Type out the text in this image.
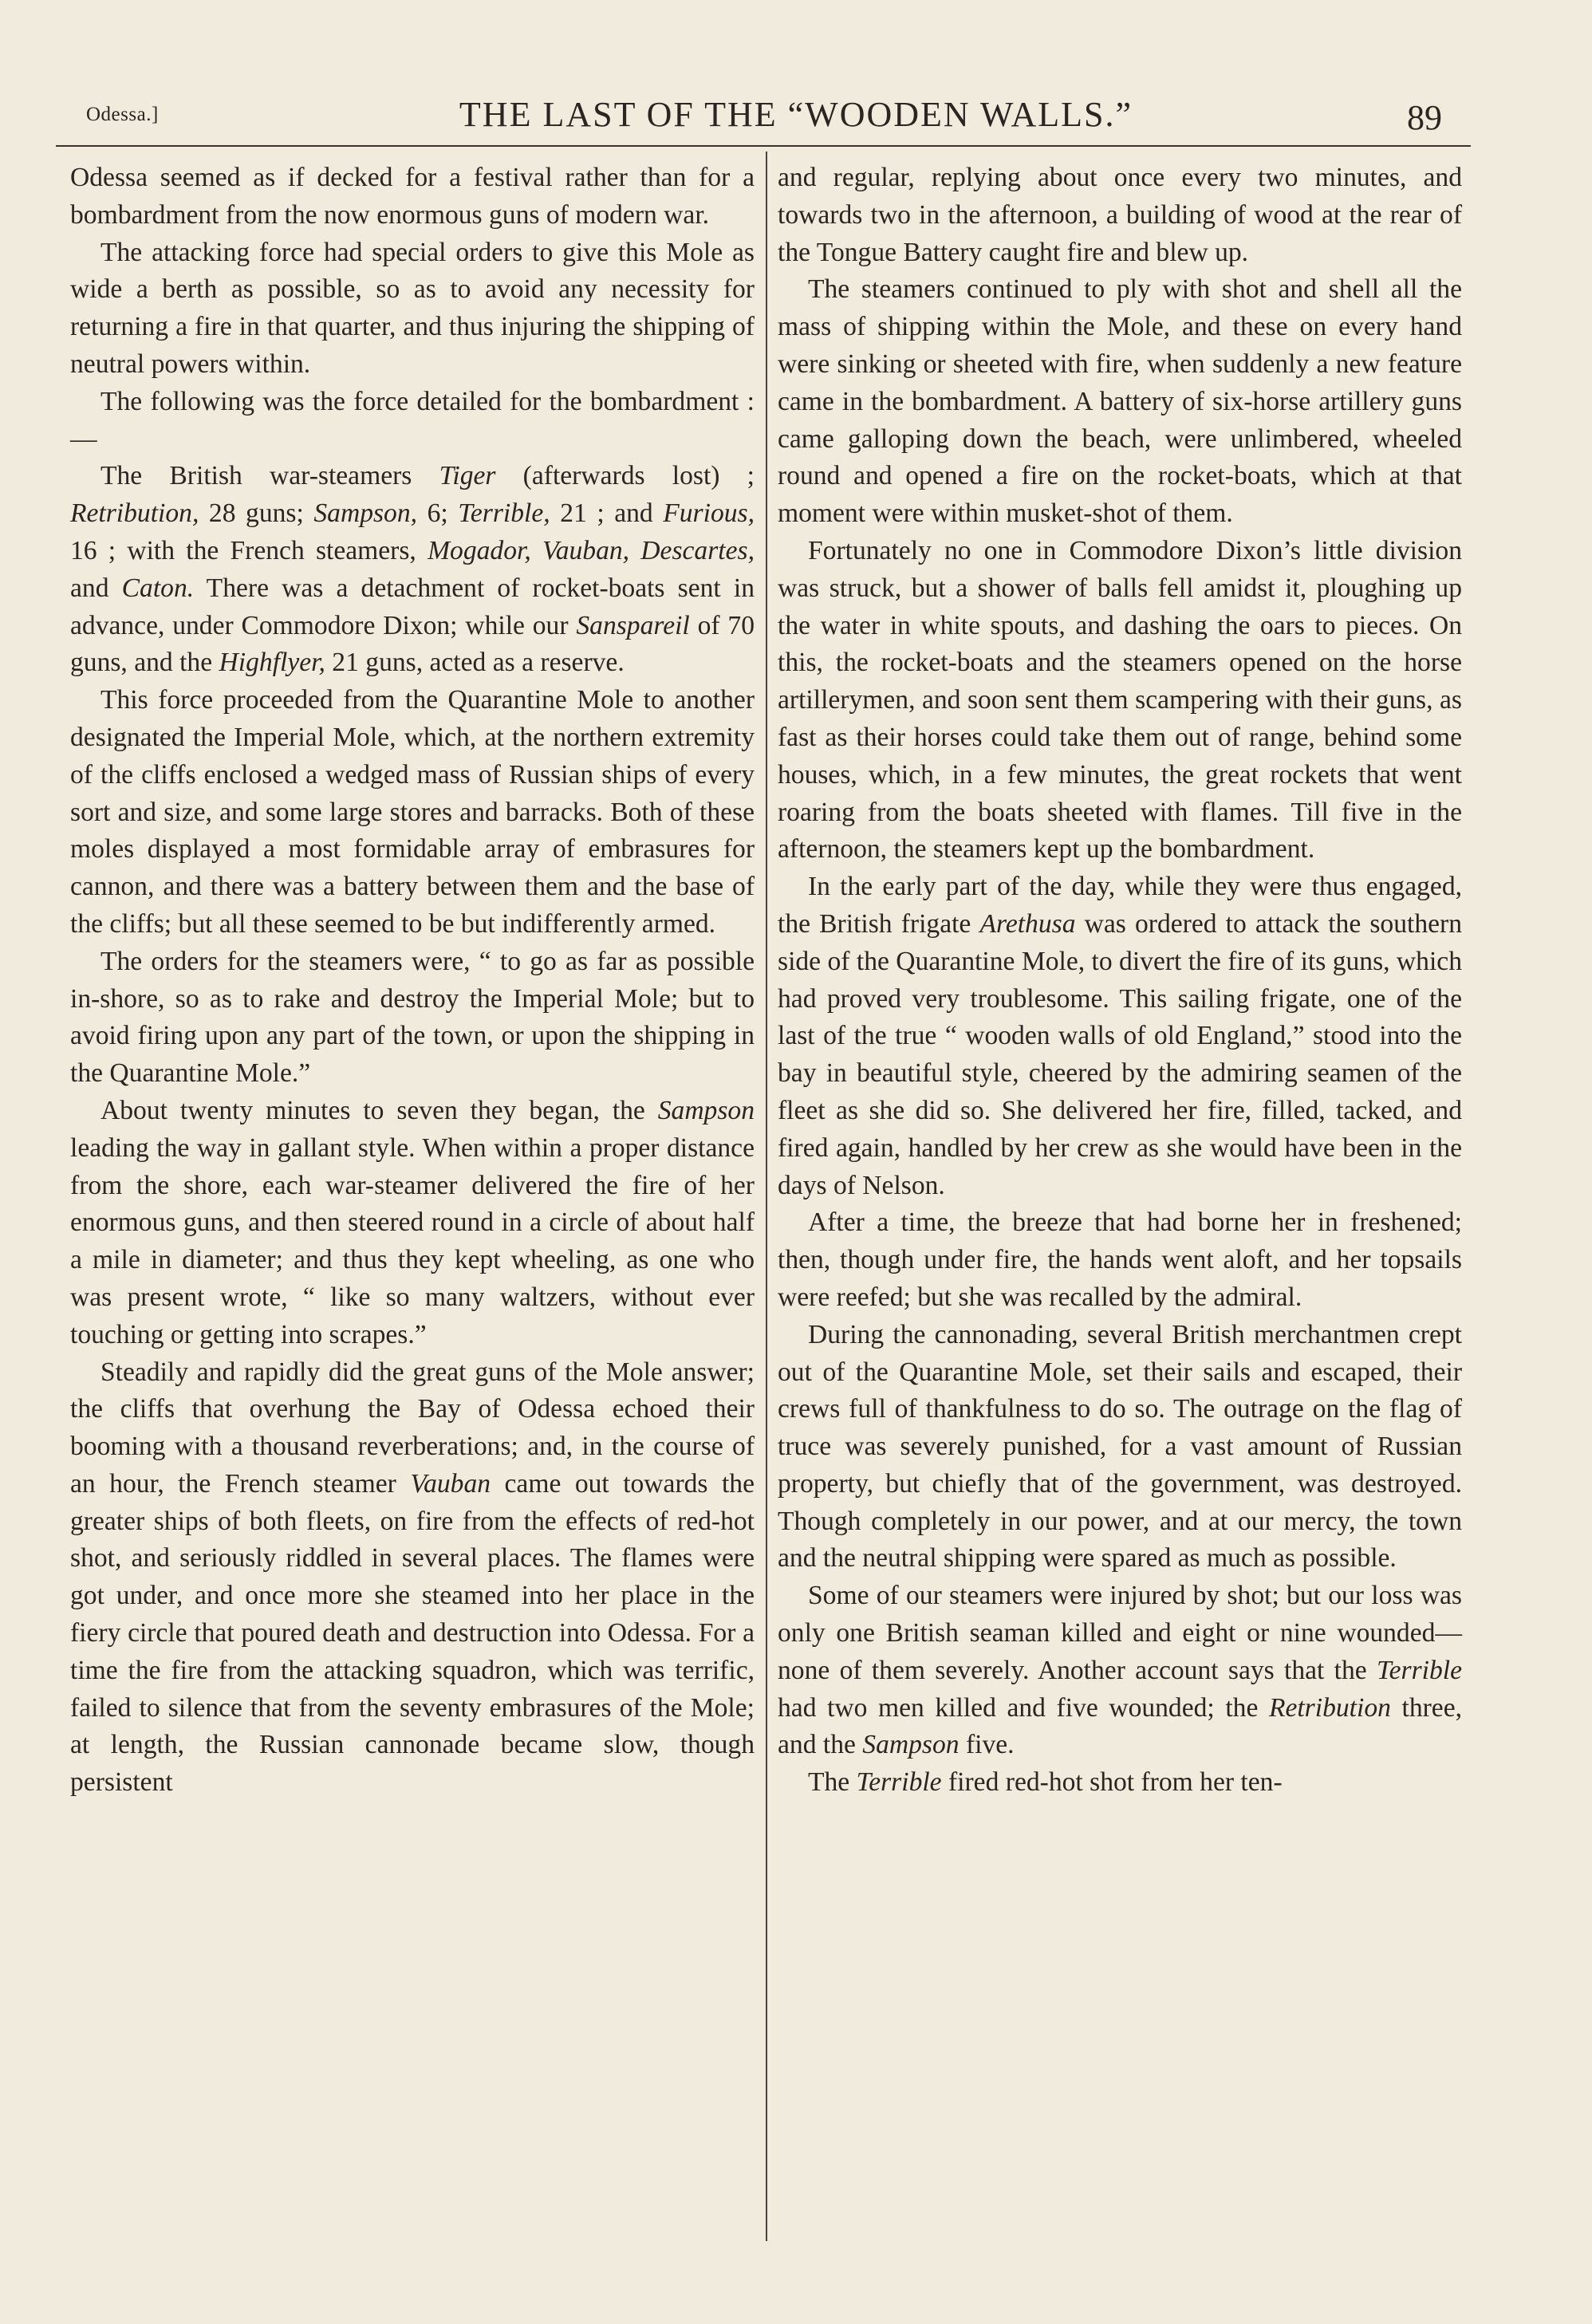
Odessa.]	THE LAST OF THE “WOODEN WALLS.”	89

Odessa seemed as if decked for a festival rather than for a bombardment from the now enormous guns of modern war.

The attacking force had special orders to give this Mole as wide a berth as possible, so as to avoid any necessity for returning a fire in that quarter, and thus injuring the shipping of neutral powers within.

The following was the force detailed for the bombardment :—

The British war-steamers Tiger (afterwards lost) ; Retribution, 28 guns; Sampson, 6; Terrible, 21 ; and Furious, 16 ; with the French steamers, Mogador, Vauban, Descartes, and Caton. There was a detachment of rocket-boats sent in advance, under Commodore Dixon; while our Sanspareil of 70 guns, and the Highflyer, 21 guns, acted as a reserve.

This force proceeded from the Quarantine Mole to another designated the Imperial Mole, which, at the northern extremity of the cliffs enclosed a wedged mass of Russian ships of every sort and size, and some large stores and barracks. Both of these moles displayed a most formidable array of embrasures for cannon, and there was a battery between them and the base of the cliffs; but all these seemed to be but indifferently armed.

The orders for the steamers were, “ to go as far as possible in-shore, so as to rake and destroy the Imperial Mole; but to avoid firing upon any part of the town, or upon the shipping in the Quarantine Mole.”

About twenty minutes to seven they began, the Sampson leading the way in gallant style. When within a proper distance from the shore, each war-steamer delivered the fire of her enormous guns, and then steered round in a circle of about half a mile in diameter; and thus they kept wheeling, as one who was present wrote, “ like so many waltzers, without ever touching or getting into scrapes.”

Steadily and rapidly did the great guns of the Mole answer; the cliffs that overhung the Bay of Odessa echoed their booming with a thousand reverberations; and, in the course of an hour, the French steamer Vauban came out towards the greater ships of both fleets, on fire from the effects of red-hot shot, and seriously riddled in several places. The flames were got under, and once more she steamed into her place in the fiery circle that poured death and destruction into Odessa. For a time the fire from the attacking squadron, which was terrific, failed to silence that from the seventy embrasures of the Mole; at length, the Russian cannonade became slow, though persistent

and regular, replying about once every two minutes, and towards two in the afternoon, a building of wood at the rear of the Tongue Battery caught fire and blew up.

The steamers continued to ply with shot and shell all the mass of shipping within the Mole, and these on every hand were sinking or sheeted with fire, when suddenly a new feature came in the bombardment. A battery of six-horse artillery guns came galloping down the beach, were unlimbered, wheeled round and opened a fire on the rocket-boats, which at that moment were within musket-shot of them.

Fortunately no one in Commodore Dixon’s little division was struck, but a shower of balls fell amidst it, ploughing up the water in white spouts, and dashing the oars to pieces. On this, the rocket-boats and the steamers opened on the horse artillerymen, and soon sent them scampering with their guns, as fast as their horses could take them out of range, behind some houses, which, in a few minutes, the great rockets that went roaring from the boats sheeted with flames. Till five in the afternoon, the steamers kept up the bombardment.

In the early part of the day, while they were thus engaged, the British frigate Arethusa was ordered to attack the southern side of the Quarantine Mole, to divert the fire of its guns, which had proved very troublesome. This sailing frigate, one of the last of the true “ wooden walls of old England,” stood into the bay in beautiful style, cheered by the admiring seamen of the fleet as she did so. She delivered her fire, filled, tacked, and fired again, handled by her crew as she would have been in the days of Nelson.

After a time, the breeze that had borne her in freshened; then, though under fire, the hands went aloft, and her topsails were reefed; but she was recalled by the admiral.

During the cannonading, several British merchantmen crept out of the Quarantine Mole, set their sails and escaped, their crews full of thankfulness to do so. The outrage on the flag of truce was severely punished, for a vast amount of Russian property, but chiefly that of the government, was destroyed. Though completely in our power, and at our mercy, the town and the neutral shipping were spared as much as possible.

Some of our steamers were injured by shot; but our loss was only one British seaman killed and eight or nine wounded—none of them severely. Another account says that the Terrible had two men killed and five wounded; the Retribution three, and the Sampson five.

The Terrible fired red-hot shot from her ten-
